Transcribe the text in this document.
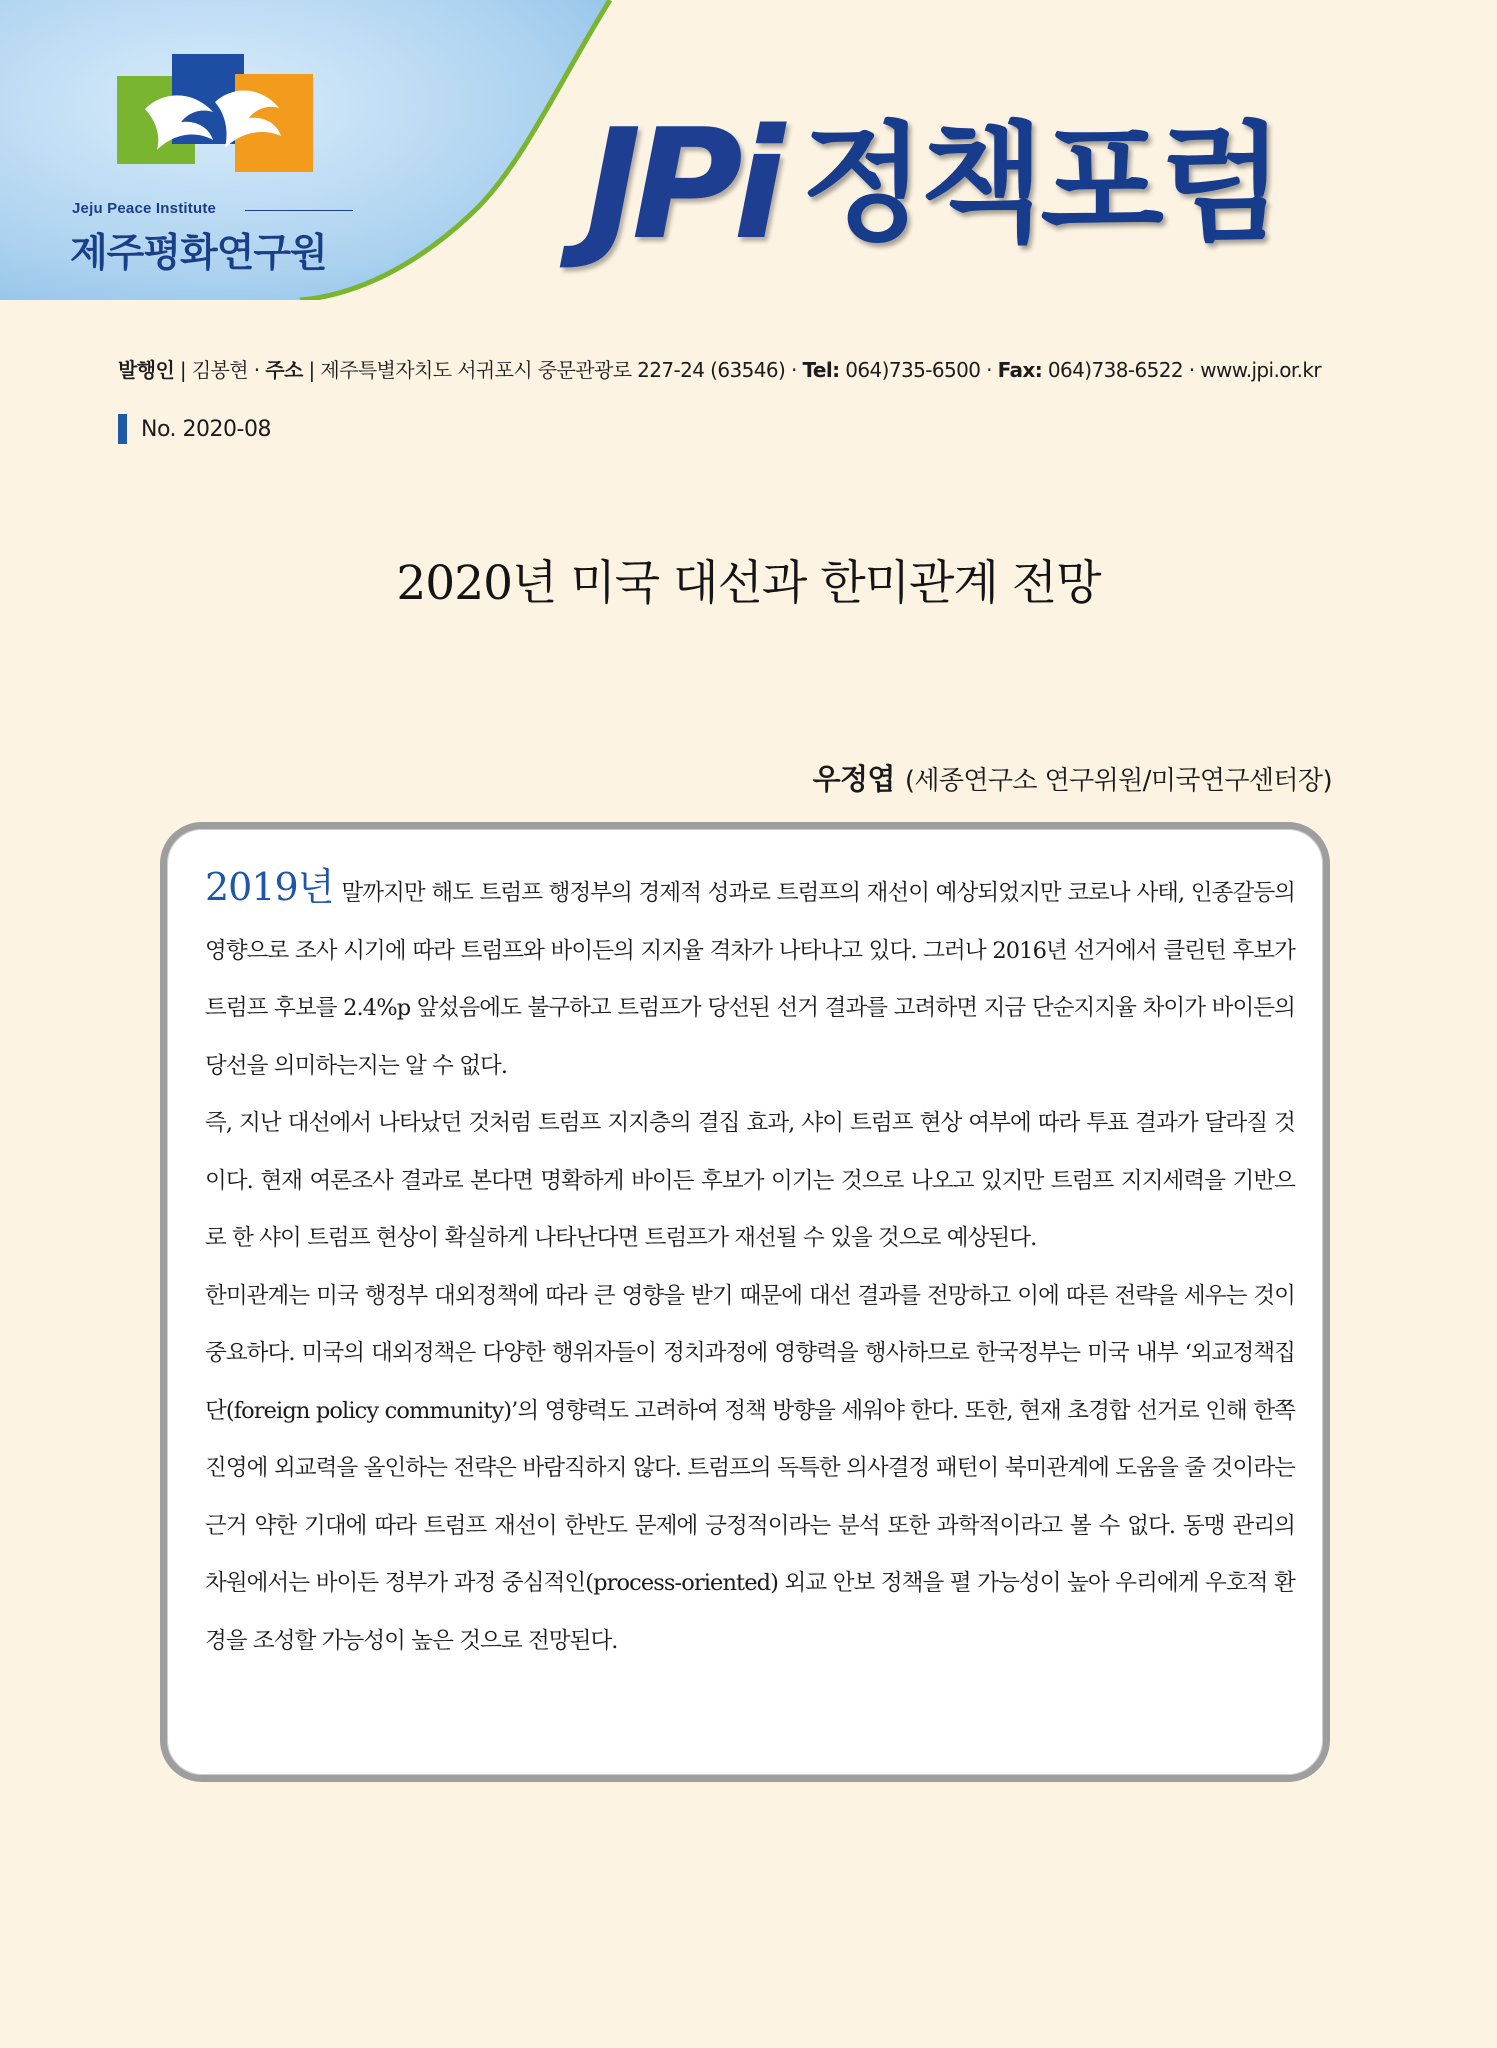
Jeju Peace Institute
제주평화연구원 JPi 정책포럼
발행인 | 김봉현 · 주소 | 제주특별자치도 서귀포시 중문관광로 227-24 (63546) · Tel: 064)735-6500 · Fax: 064)738-6522 · www.jpi.or.kr
No. 2020-08
2020년 미국 대선과 한미관계 전망
우정엽 (세종연구소 연구위원/미국연구센터장)

2019년 말까지만 해도 트럼프 행정부의 경제적 성과로 트럼프의 재선이 예상되었지만 코로나 사태, 인종갈등의 영향으로 조사 시기에 따라 트럼프와 바이든의 지지율 격차가 나타나고 있다. 그러나 2016년 선거에서 클린턴 후보가 트럼프 후보를 2.4%p 앞섰음에도 불구하고 트럼프가 당선된 선거 결과를 고려하면 지금 단순지지율 차이가 바이든의 당선을 의미하는지는 알 수 없다.

즉, 지난 대선에서 나타났던 것처럼 트럼프 지지층의 결집 효과, 샤이 트럼프 현상 여부에 따라 투표 결과가 달라질 것이다. 현재 여론조사 결과로 본다면 명확하게 바이든 후보가 이기는 것으로 나오고 있지만 트럼프 지지세력을 기반으로 한 샤이 트럼프 현상이 확실하게 나타난다면 트럼프가 재선될 수 있을 것으로 예상된다.

한미관계는 미국 행정부 대외정책에 따라 큰 영향을 받기 때문에 대선 결과를 전망하고 이에 따른 전략을 세우는 것이 중요하다. 미국의 대외정책은 다양한 행위자들이 정치과정에 영향력을 행사하므로 한국정부는 미국 내부 ‘외교정책집단(foreign policy community)’의 영향력도 고려하여 정책 방향을 세워야 한다. 또한, 현재 초경합 선거로 인해 한쪽 진영에 외교력을 올인하는 전략은 바람직하지 않다. 트럼프의 독특한 의사결정 패턴이 북미관계에 도움을 줄 것이라는 근거 약한 기대에 따라 트럼프 재선이 한반도 문제에 긍정적이라는 분석 또한 과학적이라고 볼 수 없다. 동맹 관리의 차원에서는 바이든 정부가 과정 중심적인(process-oriented) 외교 안보 정책을 펼 가능성이 높아 우리에게 우호적 환경을 조성할 가능성이 높은 것으로 전망된다.
